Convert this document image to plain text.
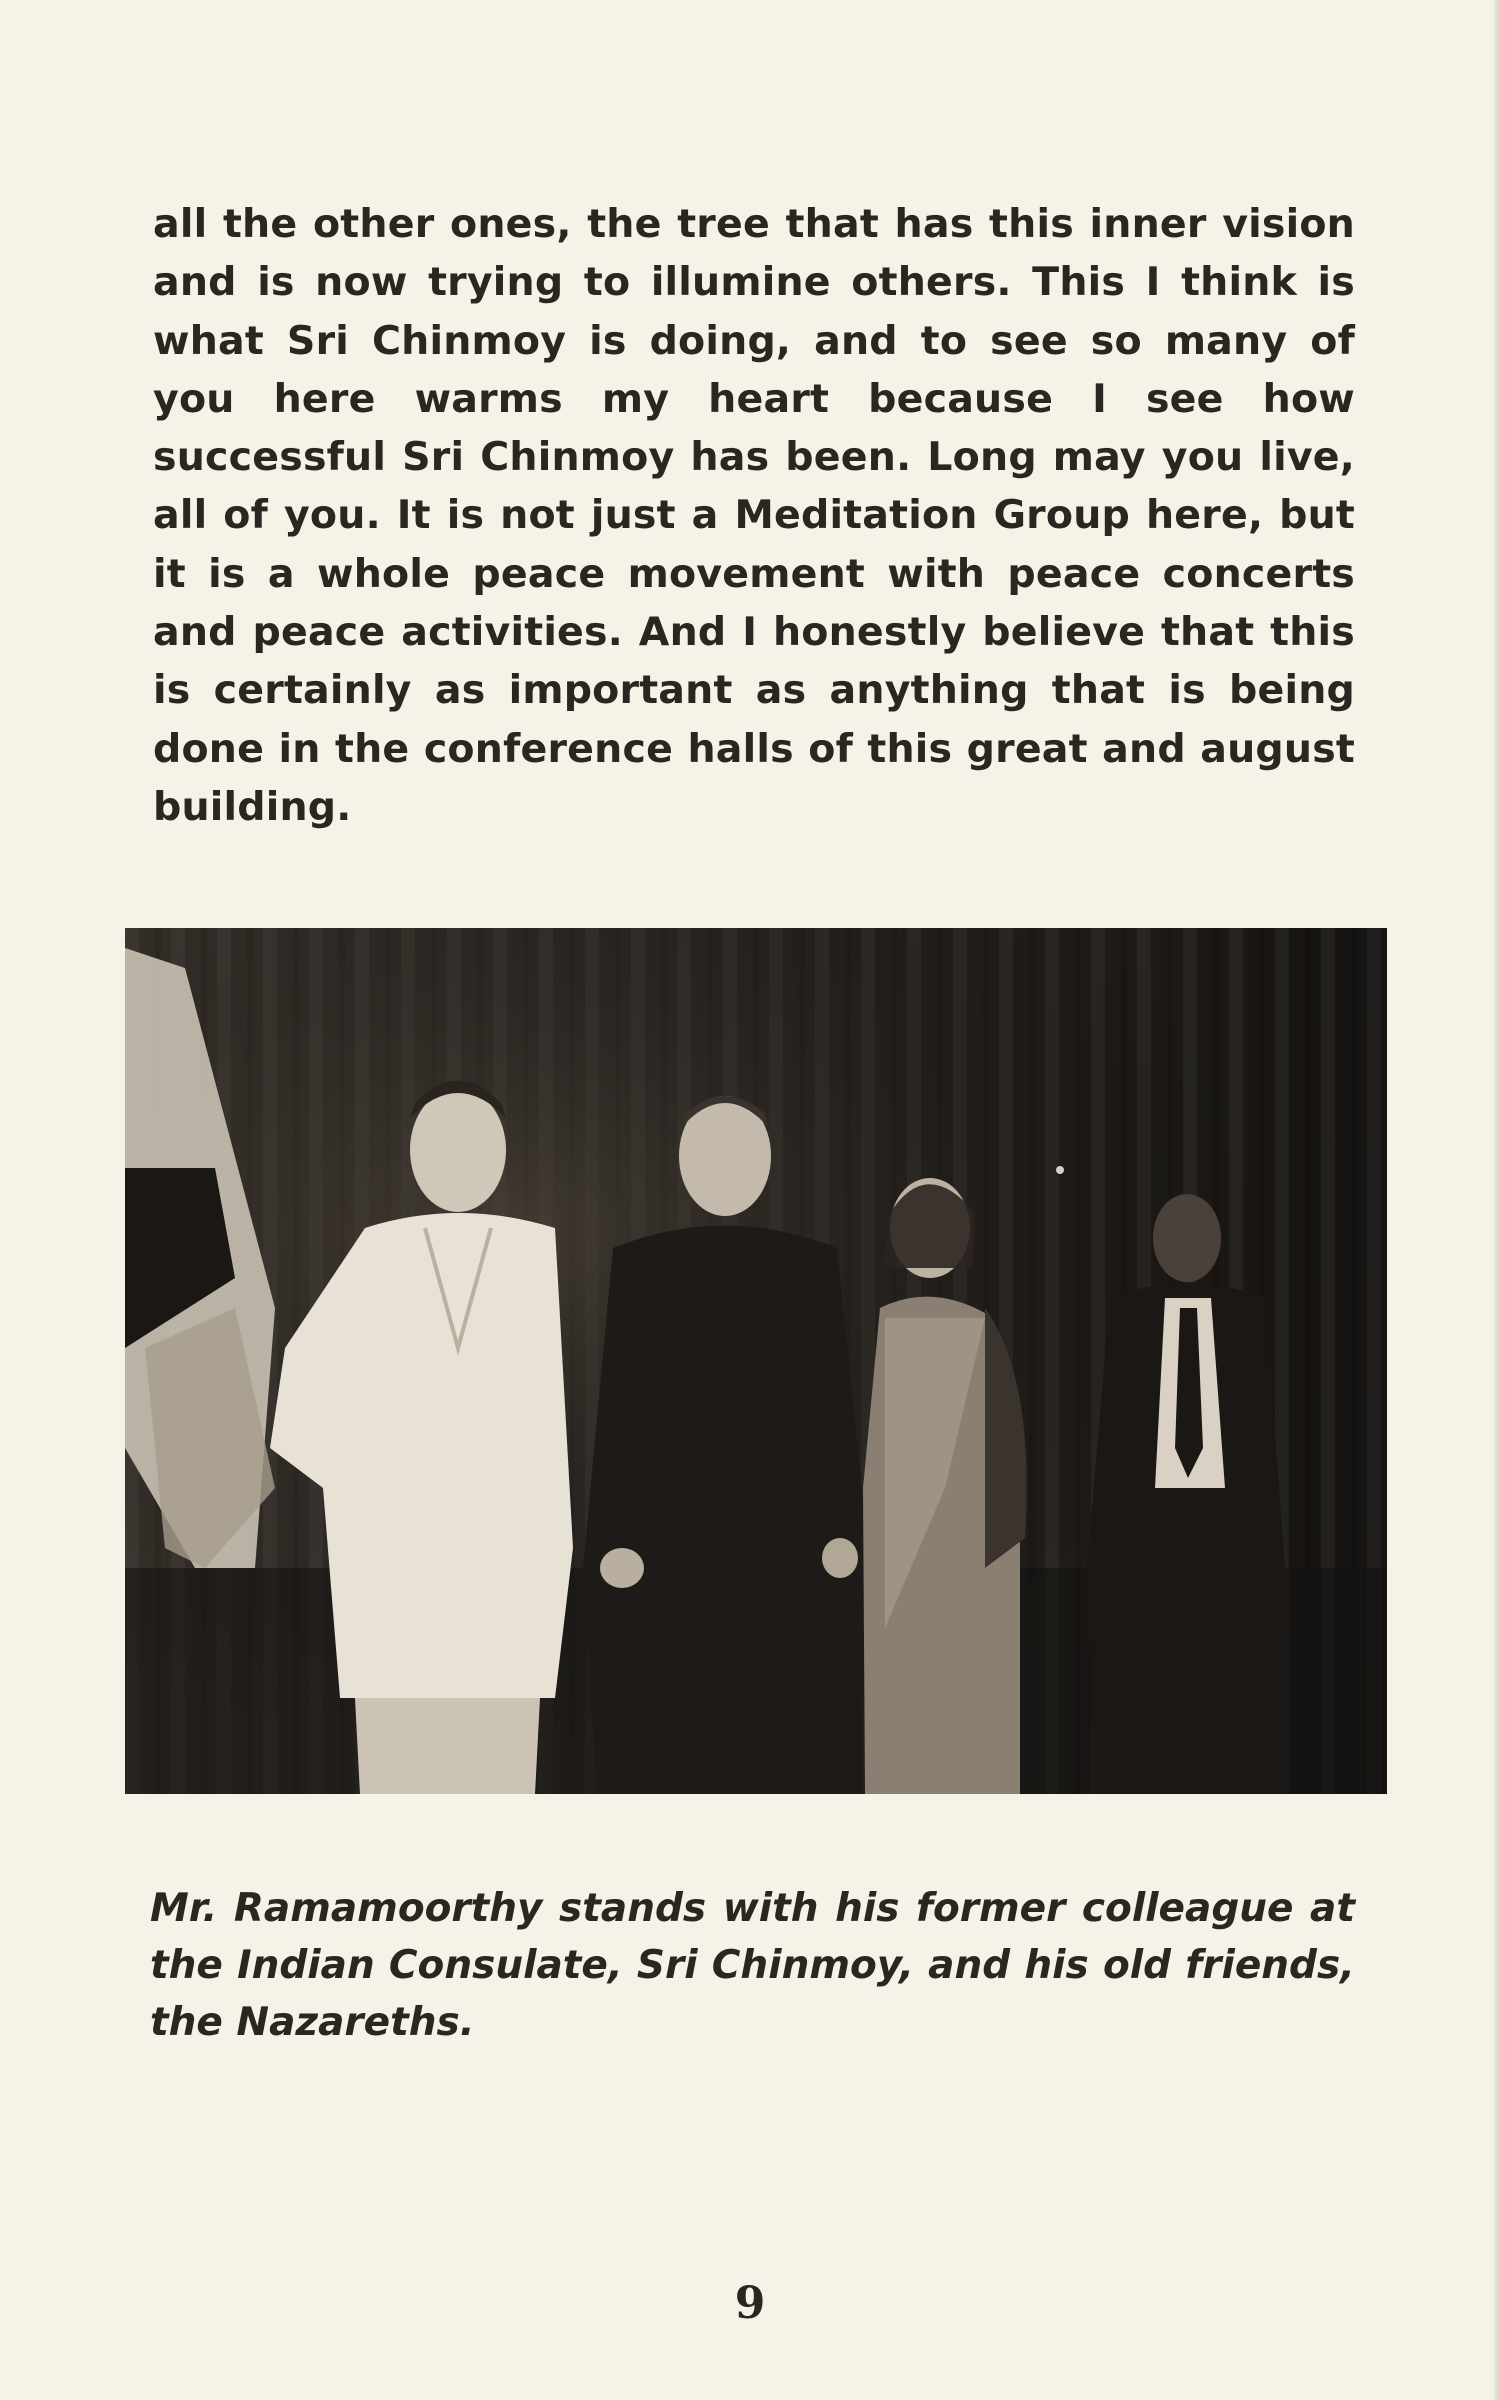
all the other ones, the tree that has this inner vision and is now trying to illumine others. This I think is what Sri Chinmoy is doing, and to see so many of you here warms my heart because I see how successful Sri Chinmoy has been. Long may you live, all of you. It is not just a Meditation Group here, but it is a whole peace movement with peace concerts and peace activities. And I honestly believe that this is certainly as important as anything that is being done in the conference halls of this great and august building.

Mr. Ramamoorthy stands with his former colleague at the Indian Consulate, Sri Chinmoy, and his old friends, the Nazareths.

9
